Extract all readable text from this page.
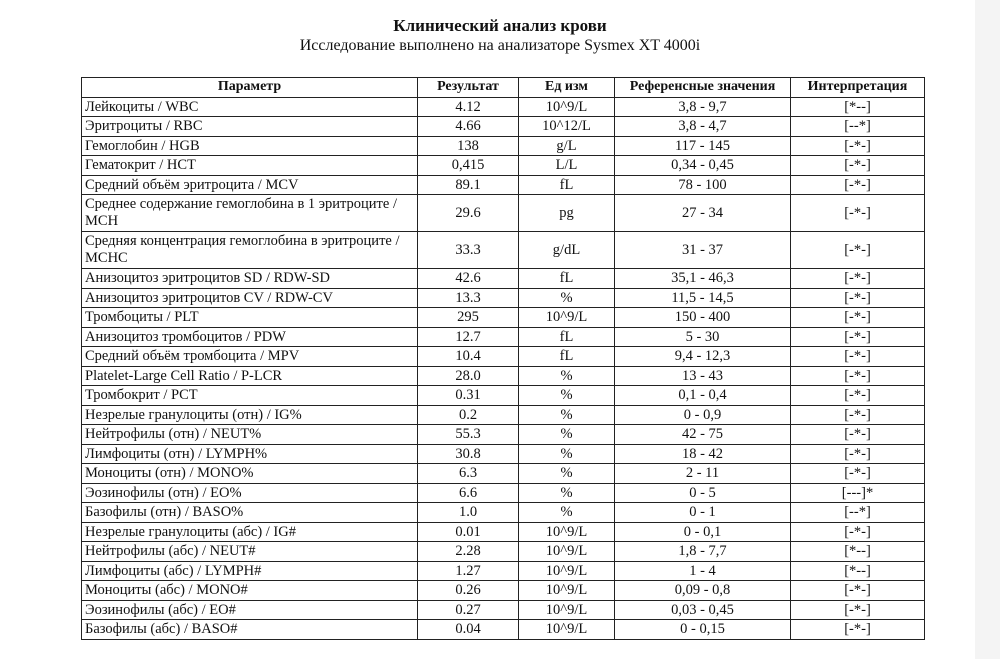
Клинический анализ крови
Исследование выполнено на анализаторе Sysmex XT 4000i
Параметр	Результат	Ед изм	Референсные значения	Интерпретация
Лейкоциты / WBC	4.12	10^9/L	3,8 - 9,7	[*--]
Эритроциты / RBC	4.66	10^12/L	3,8 - 4,7	[--*]
Гемоглобин / HGB	138	g/L	117 - 145	[-*-]
Гематокрит / HCT	0,415	L/L	0,34 - 0,45	[-*-]
Средний объём эритроцита / MCV	89.1	fL	78 - 100	[-*-]
Среднее содержание гемоглобина в 1 эритроците / MCH	29.6	pg	27 - 34	[-*-]
Средняя концентрация гемоглобина в эритроците / MCHC	33.3	g/dL	31 - 37	[-*-]
Анизоцитоз эритроцитов SD / RDW-SD	42.6	fL	35,1 - 46,3	[-*-]
Анизоцитоз эритроцитов CV / RDW-CV	13.3	%	11,5 - 14,5	[-*-]
Тромбоциты / PLT	295	10^9/L	150 - 400	[-*-]
Анизоцитоз тромбоцитов / PDW	12.7	fL	5 - 30	[-*-]
Средний объём тромбоцита / MPV	10.4	fL	9,4 - 12,3	[-*-]
Platelet-Large Cell Ratio / P-LCR	28.0	%	13 - 43	[-*-]
Тромбокрит / PCT	0.31	%	0,1 - 0,4	[-*-]
Незрелые гранулоциты (отн) / IG%	0.2	%	0 - 0,9	[-*-]
Нейтрофилы (отн) / NEUT%	55.3	%	42 - 75	[-*-]
Лимфоциты (отн) / LYMPH%	30.8	%	18 - 42	[-*-]
Моноциты (отн) / MONO%	6.3	%	2 - 11	[-*-]
Эозинофилы (отн) / EO%	6.6	%	0 - 5	[---]*
Базофилы (отн) / BASO%	1.0	%	0 - 1	[--*]
Незрелые гранулоциты (абс) / IG#	0.01	10^9/L	0 - 0,1	[-*-]
Нейтрофилы (абс) / NEUT#	2.28	10^9/L	1,8 - 7,7	[*--]
Лимфоциты (абс) / LYMPH#	1.27	10^9/L	1 - 4	[*--]
Моноциты (абс) / MONO#	0.26	10^9/L	0,09 - 0,8	[-*-]
Эозинофилы (абс) / EO#	0.27	10^9/L	0,03 - 0,45	[-*-]
Базофилы (абс) / BASO#	0.04	10^9/L	0 - 0,15	[-*-]
